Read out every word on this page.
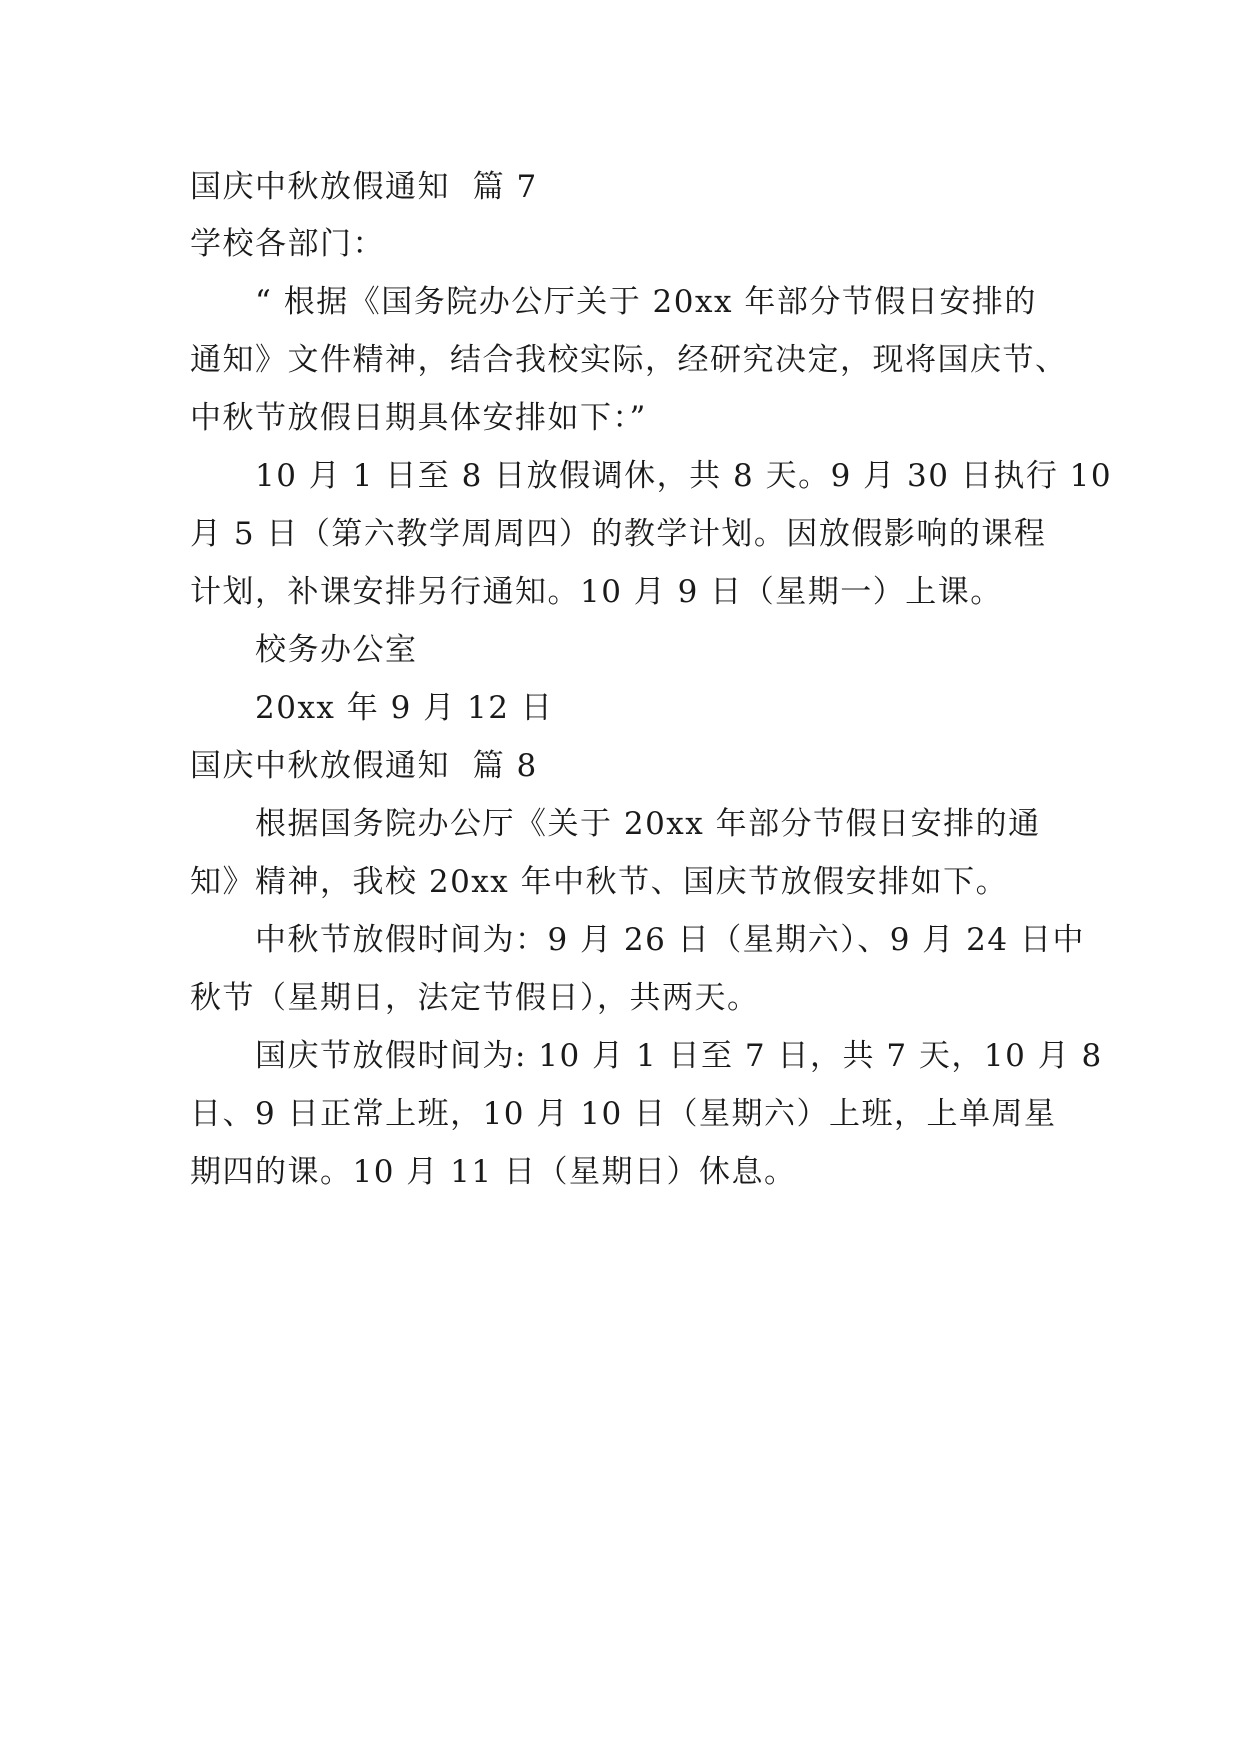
国庆中秋放假通知  篇 7
学校各部门：
“ 根据《国务院办公厅关于 20xx 年部分节假日安排的
通知》文件精神，结合我校实际，经研究决定，现将国庆节、
中秋节放假日期具体安排如下：”
10 月 1 日至 8 日放假调休，共 8 天。9 月 30 日执行 10
月 5 日（第六教学周周四）的教学计划。因放假影响的课程
计划，补课安排另行通知。10 月 9 日（星期一）上课。
校务办公室
20xx 年 9 月 12 日
国庆中秋放假通知  篇 8
根据国务院办公厅《关于 20xx 年部分节假日安排的通
知》精神，我校 20xx 年中秋节、国庆节放假安排如下。
中秋节放假时间为：9 月 26 日（星期六）、9 月 24 日中
秋节（星期日，法定节假日），共两天。
国庆节放假时间为: 10 月 1 日至 7 日，共 7 天，10 月 8
日、9 日正常上班，10 月 10 日（星期六）上班，上单周星
期四的课。10 月 11 日（星期日）休息。
